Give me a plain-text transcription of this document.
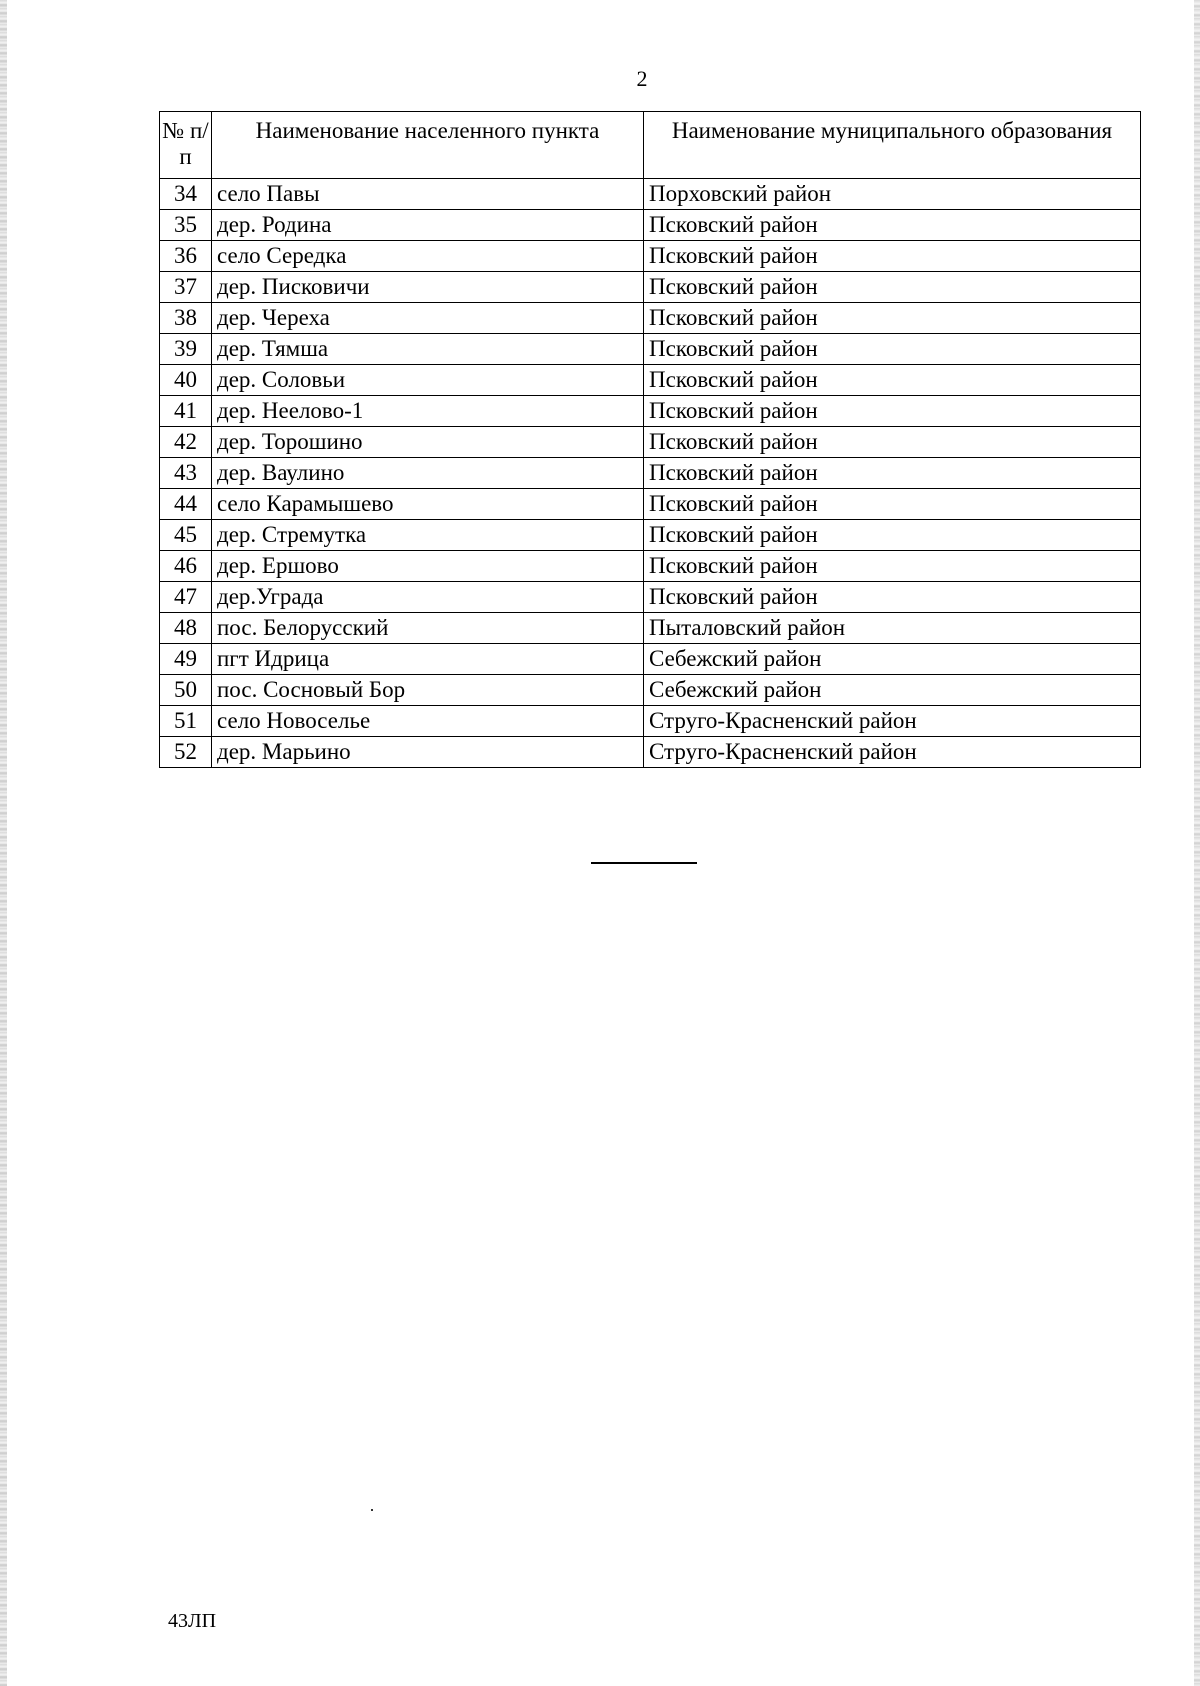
2
№ п/п	Наименование населенного пункта	Наименование муниципального образования
34	село Павы	Порховский район
35	дер. Родина	Псковский район
36	село Середка	Псковский район
37	дер. Писковичи	Псковский район
38	дер. Череха	Псковский район
39	дер. Тямша	Псковский район
40	дер. Соловьи	Псковский район
41	дер. Неелово-1	Псковский район
42	дер. Торошино	Псковский район
43	дер. Ваулино	Псковский район
44	село Карамышево	Псковский район
45	дер. Стремутка	Псковский район
46	дер. Ершово	Псковский район
47	дер.Уграда	Псковский район
48	пос. Белорусский	Пыталовский район
49	пгт Идрица	Себежский район
50	пос. Сосновый Бор	Себежский район
51	село Новоселье	Струго-Красненский район
52	дер. Марьино	Струго-Красненский район
43ЛП
